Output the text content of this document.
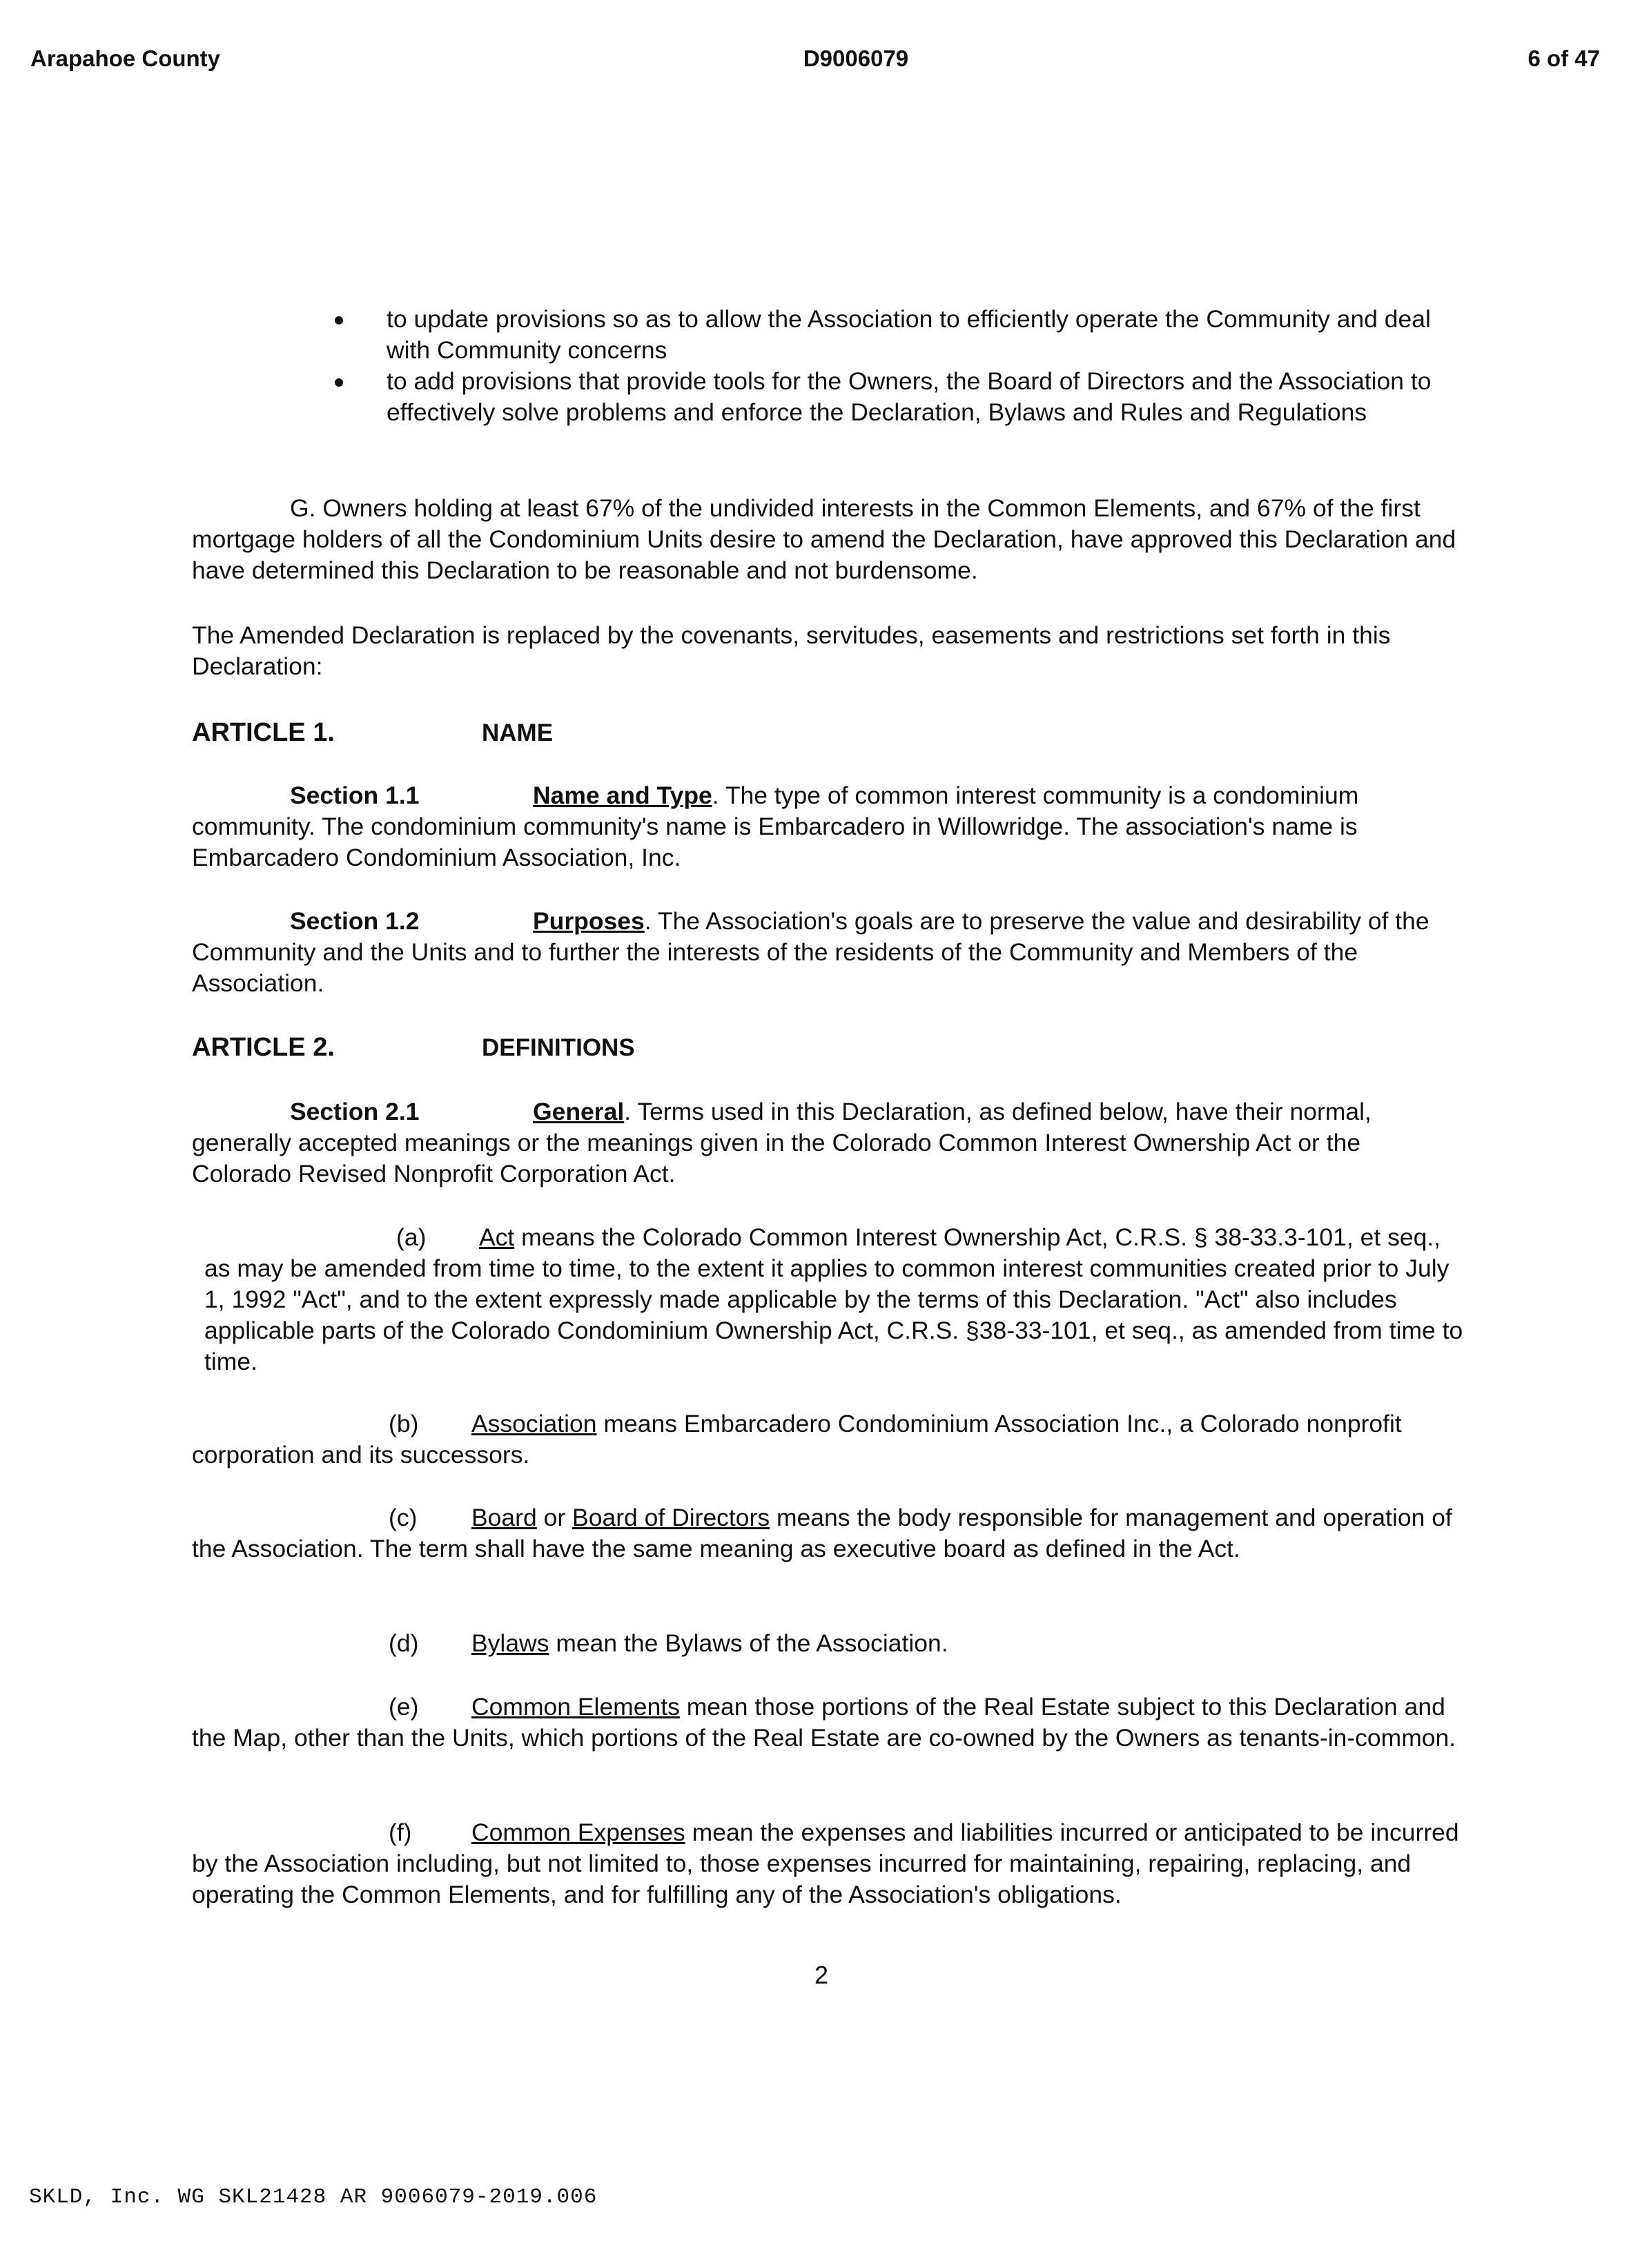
Arapahoe County	D9006079	6 of 47
to update provisions so as to allow the Association to efficiently operate the Community and deal with Community concerns
to add provisions that provide tools for the Owners, the Board of Directors and the Association to effectively solve problems and enforce the Declaration, Bylaws and Rules and Regulations
G. Owners holding at least 67% of the undivided interests in the Common Elements, and 67% of the first mortgage holders of all the Condominium Units desire to amend the Declaration, have approved this Declaration and have determined this Declaration to be reasonable and not burdensome.
The Amended Declaration is replaced by the covenants, servitudes, easements and restrictions set forth in this Declaration:
ARTICLE 1.	NAME
Section 1.1	Name and Type. The type of common interest community is a condominium community. The condominium community's name is Embarcadero in Willowridge. The association's name is Embarcadero Condominium Association, Inc.
Section 1.2	Purposes. The Association's goals are to preserve the value and desirability of the Community and the Units and to further the interests of the residents of the Community and Members of the Association.
ARTICLE 2.	DEFINITIONS
Section 2.1	General. Terms used in this Declaration, as defined below, have their normal, generally accepted meanings or the meanings given in the Colorado Common Interest Ownership Act or the Colorado Revised Nonprofit Corporation Act.
(a) Act means the Colorado Common Interest Ownership Act, C.R.S. § 38-33.3-101, et seq., as may be amended from time to time, to the extent it applies to common interest communities created prior to July 1, 1992 "Act", and to the extent expressly made applicable by the terms of this Declaration. "Act" also includes applicable parts of the Colorado Condominium Ownership Act, C.R.S. §38-33-101, et seq., as amended from time to time.
(b) Association means Embarcadero Condominium Association Inc., a Colorado nonprofit corporation and its successors.
(c) Board or Board of Directors means the body responsible for management and operation of the Association. The term shall have the same meaning as executive board as defined in the Act.
(d) Bylaws mean the Bylaws of the Association.
(e) Common Elements mean those portions of the Real Estate subject to this Declaration and the Map, other than the Units, which portions of the Real Estate are co-owned by the Owners as tenants-in-common.
(f) Common Expenses mean the expenses and liabilities incurred or anticipated to be incurred by the Association including, but not limited to, those expenses incurred for maintaining, repairing, replacing, and operating the Common Elements, and for fulfilling any of the Association's obligations.
2
SKLD, Inc. WG SKL21428 AR 9006079-2019.006
